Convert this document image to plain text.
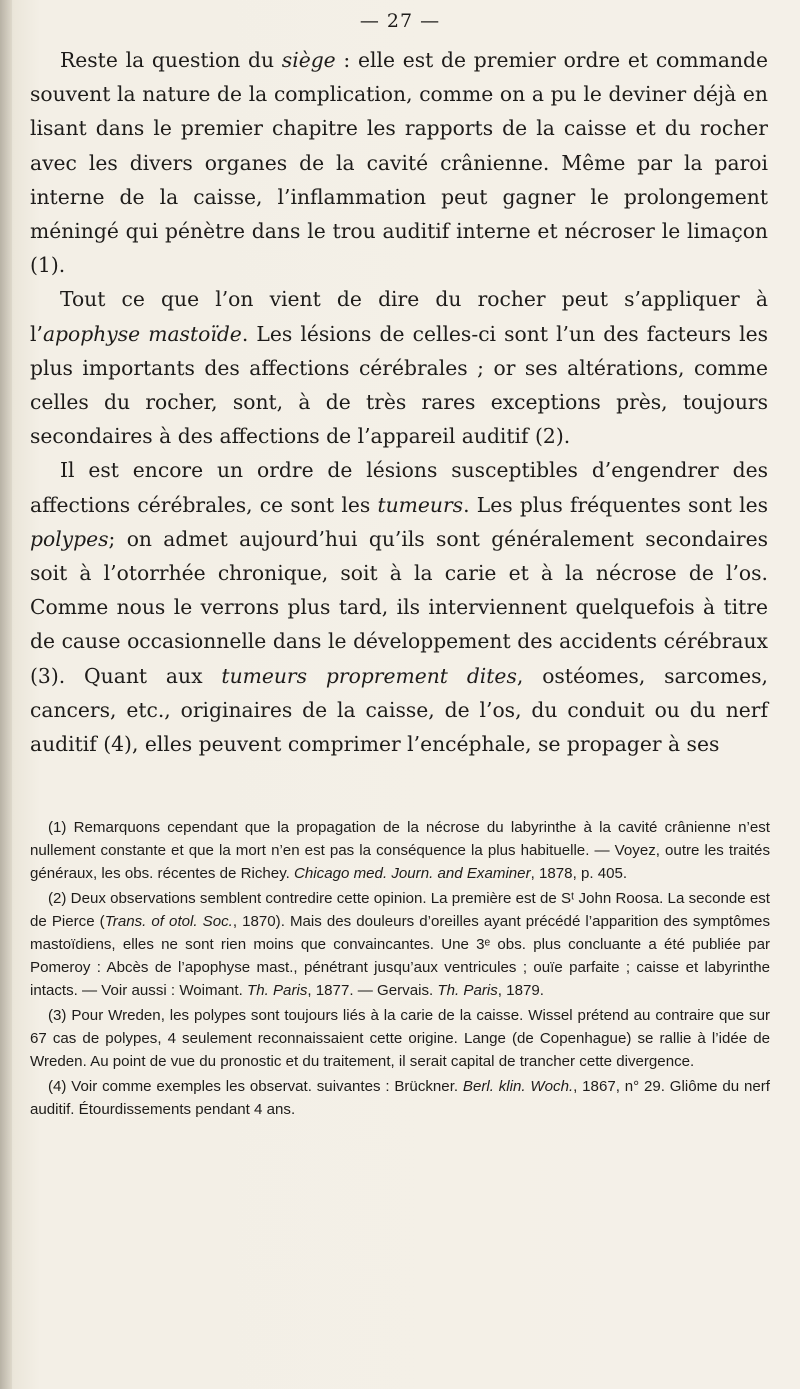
— 27 —

Reste la question du siège : elle est de premier ordre et commande souvent la nature de la complication, comme on a pu le deviner déjà en lisant dans le premier chapitre les rapports de la caisse et du rocher avec les divers organes de la cavité crânienne. Même par la paroi interne de la caisse, l’inflammation peut gagner le prolongement méningé qui pénètre dans le trou auditif interne et nécroser le limaçon (1).

Tout ce que l’on vient de dire du rocher peut s’appliquer à l’apophyse mastoïde. Les lésions de celles-ci sont l’un des facteurs les plus importants des affections cérébrales ; or ses altérations, comme celles du rocher, sont, à de très rares exceptions près, toujours secondaires à des affections de l’appareil auditif (2).

Il est encore un ordre de lésions susceptibles d’engendrer des affections cérébrales, ce sont les tumeurs. Les plus fréquentes sont les polypes; on admet aujourd’hui qu’ils sont généralement secondaires soit à l’otorrhée chronique, soit à la carie et à la nécrose de l’os. Comme nous le verrons plus tard, ils interviennent quelquefois à titre de cause occasionnelle dans le développement des accidents cérébraux (3). Quant aux tumeurs proprement dites, ostéomes, sarcomes, cancers, etc., originaires de la caisse, de l’os, du conduit ou du nerf auditif (4), elles peuvent comprimer l’encéphale, se propager à ses

(1) Remarquons cependant que la propagation de la nécrose du labyrinthe à la cavité crânienne n’est nullement constante et que la mort n’en est pas la conséquence la plus habituelle. — Voyez, outre les traités généraux, les obs. récentes de Richey. Chicago med. Journ. and Examiner, 1878, p. 405.

(2) Deux observations semblent contredire cette opinion. La première est de Sᵗ John Roosa. La seconde est de Pierce (Trans. of otol. Soc., 1870). Mais des douleurs d’oreilles ayant précédé l’apparition des symptômes mastoïdiens, elles ne sont rien moins que convaincantes. Une 3ᵉ obs. plus concluante a été publiée par Pomeroy : Abcès de l’apophyse mast., pénétrant jusqu’aux ventricules ; ouïe parfaite ; caisse et labyrinthe intacts. — Voir aussi : Woimant. Th. Paris, 1877. — Gervais. Th. Paris, 1879.

(3) Pour Wreden, les polypes sont toujours liés à la carie de la caisse. Wissel prétend au contraire que sur 67 cas de polypes, 4 seulement reconnaissaient cette origine. Lange (de Copenhague) se rallie à l’idée de Wreden. Au point de vue du pronostic et du traitement, il serait capital de trancher cette divergence.

(4) Voir comme exemples les observat. suivantes : Brückner. Berl. klin. Woch., 1867, n° 29. Gliôme du nerf auditif. Étourdissements pendant 4 ans.
